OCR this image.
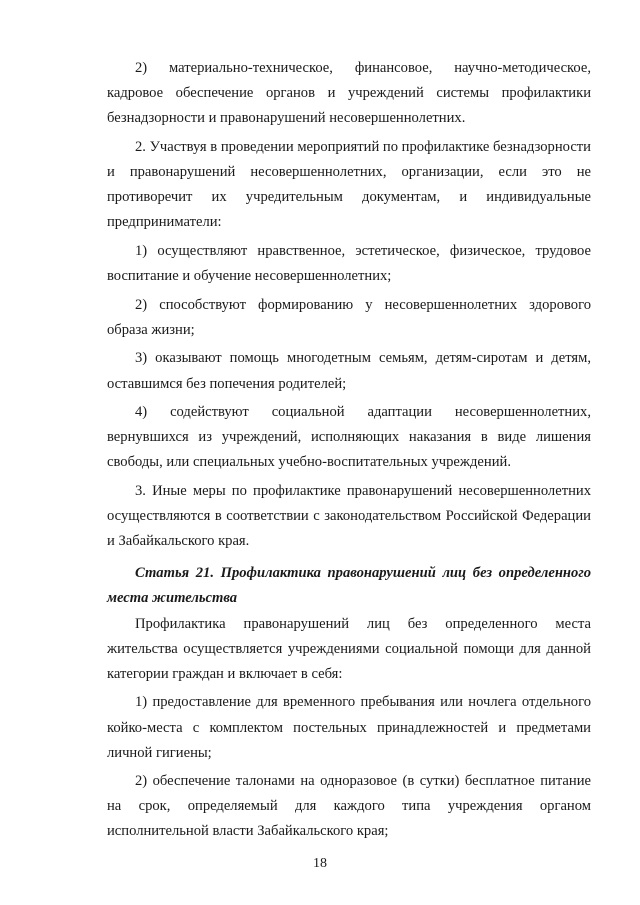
2) материально-техническое, финансовое, научно-методическое, кадровое обеспечение органов и учреждений системы профилактики безнадзорности и правонарушений несовершеннолетних.

2. Участвуя в проведении мероприятий по профилактике безнадзорности и правонарушений несовершеннолетних, организации, если это не противоречит их учредительным документам, и индивидуальные предприниматели:

1) осуществляют нравственное, эстетическое, физическое, трудовое воспитание и обучение несовершеннолетних;

2) способствуют формированию у несовершеннолетних здорового образа жизни;

3) оказывают помощь многодетным семьям, детям-сиротам и детям, оставшимся без попечения родителей;

4) содействуют социальной адаптации несовершеннолетних, вернувшихся из учреждений, исполняющих наказания в виде лишения свободы, или специальных учебно-воспитательных учреждений.

3. Иные меры по профилактике правонарушений несовершеннолетних осуществляются в соответствии с законодательством Российской Федерации и Забайкальского края.

Статья 21. Профилактика правонарушений лиц без определенного места жительства

Профилактика правонарушений лиц без определенного места жительства осуществляется учреждениями социальной помощи для данной категории граждан и включает в себя:

1) предоставление для временного пребывания или ночлега отдельного койко-места с комплектом постельных принадлежностей и предметами личной гигиены;

2) обеспечение талонами на одноразовое (в сутки) бесплатное питание на срок, определяемый для каждого типа учреждения органом исполнительной власти Забайкальского края;

18
